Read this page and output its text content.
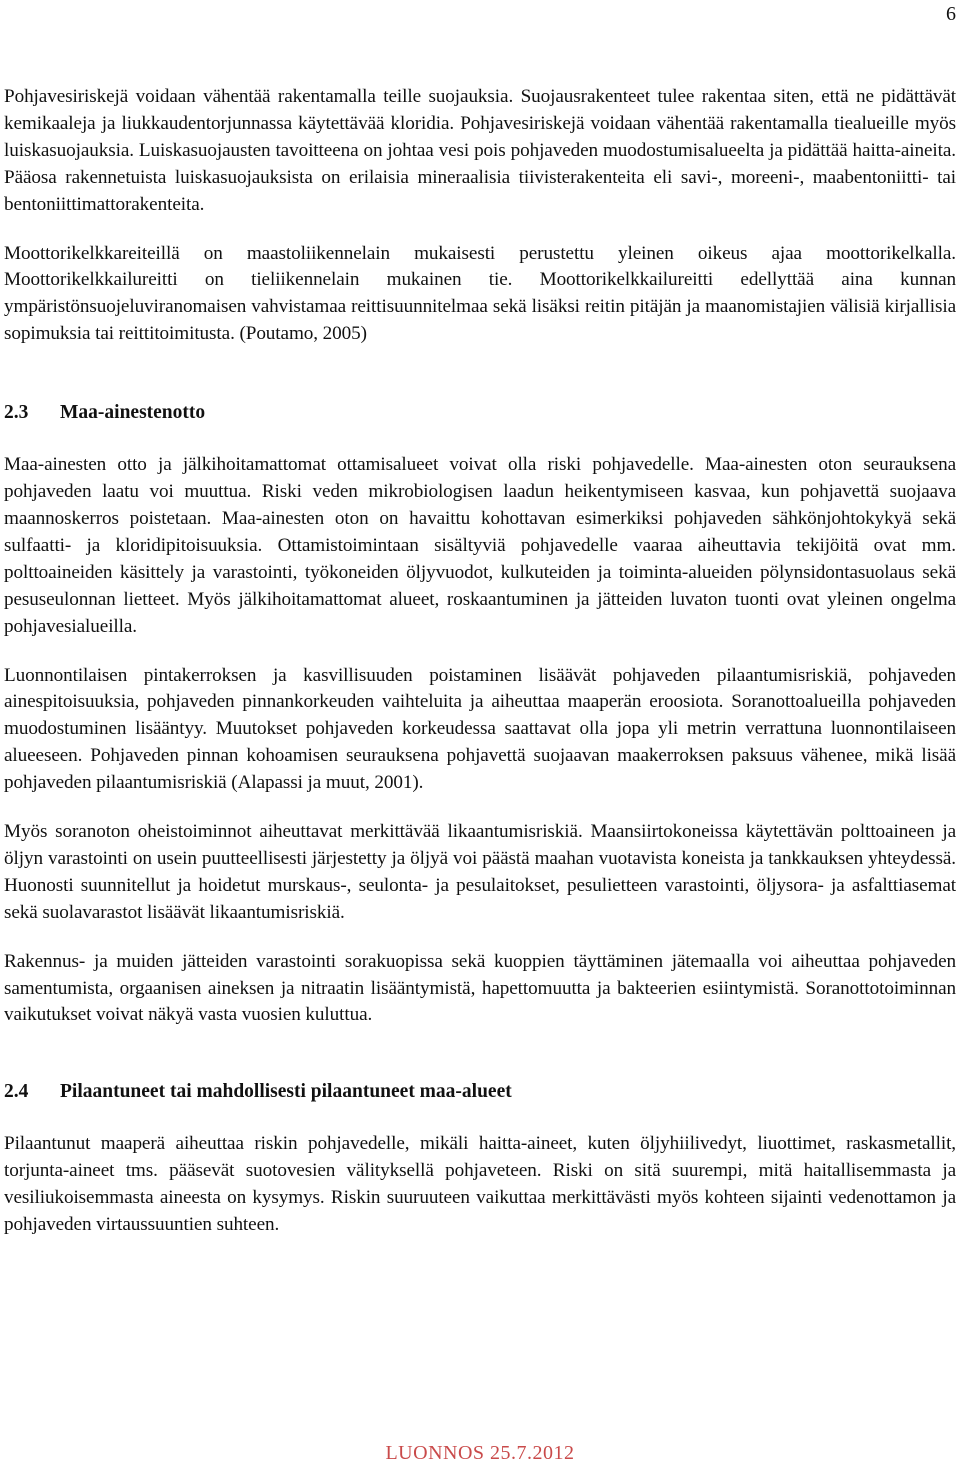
6

Pohjavesiriskejä voidaan vähentää rakentamalla teille suojauksia. Suojausrakenteet tulee rakentaa siten, että ne pidättävät kemikaaleja ja liukkaudentorjunnassa käytettävää kloridia. Pohjavesiriskejä voidaan vähentää rakentamalla tiealueille myös luiskasuojauksia. Luiskasuojausten tavoitteena on johtaa vesi pois pohjaveden muodostumisalueelta ja pidättää haitta-aineita. Pääosa rakennetuista luiskasuojauksista on erilaisia mineraalisia tiivisterakenteita eli savi-, moreeni-, maabentoniitti- tai bentoniittimattorakenteita.

Moottorikelkkareiteillä on maastoliikennelain mukaisesti perustettu yleinen oikeus ajaa moottorikelkalla. Moottorikelkkailureitti on tieliikennelain mukainen tie. Moottorikelkkailureitti edellyttää aina kunnan ympäristönsuojeluviranomaisen vahvistamaa reittisuunnitelmaa sekä lisäksi reitin pitäjän ja maanomistajien välisiä kirjallisia sopimuksia tai reittitoimitusta. (Poutamo, 2005)

2.3 Maa-ainestenotto

Maa-ainesten otto ja jälkihoitamattomat ottamisalueet voivat olla riski pohjavedelle. Maa-ainesten oton seurauksena pohjaveden laatu voi muuttua. Riski veden mikrobiologisen laadun heikentymiseen kasvaa, kun pohjavettä suojaava maannoskerros poistetaan. Maa-ainesten oton on havaittu kohottavan esimerkiksi pohjaveden sähkönjohtokykyä sekä sulfaatti- ja kloridipitoisuuksia. Ottamistoimintaan sisältyviä pohjavedelle vaaraa aiheuttavia tekijöitä ovat mm. polttoaineiden käsittely ja varastointi, työkoneiden öljyvuodot, kulkuteiden ja toiminta-alueiden pölynsidontasuolaus sekä pesuseulonnan lietteet. Myös jälkihoitamattomat alueet, roskaantuminen ja jätteiden luvaton tuonti ovat yleinen ongelma pohjavesialueilla.

Luonnontilaisen pintakerroksen ja kasvillisuuden poistaminen lisäävät pohjaveden pilaantumisriskiä, pohjaveden ainespitoisuuksia, pohjaveden pinnankorkeuden vaihteluita ja aiheuttaa maaperän eroosiota. Soranottoalueilla pohjaveden muodostuminen lisääntyy. Muutokset pohjaveden korkeudessa saattavat olla jopa yli metrin verrattuna luonnontilaiseen alueeseen. Pohjaveden pinnan kohoamisen seurauksena pohjavettä suojaavan maakerroksen paksuus vähenee, mikä lisää pohjaveden pilaantumisriskiä (Alapassi ja muut, 2001).

Myös soranoton oheistoiminnot aiheuttavat merkittävää likaantumisriskiä. Maansiirtokoneissa käytettävän polttoaineen ja öljyn varastointi on usein puutteellisesti järjestetty ja öljyä voi päästä maahan vuotavista koneista ja tankkauksen yhteydessä. Huonosti suunnitellut ja hoidetut murskaus-, seulonta- ja pesulaitokset, pesulietteen varastointi, öljysora- ja asfalttiasemat sekä suolavarastot lisäävät likaantumisriskiä.

Rakennus- ja muiden jätteiden varastointi sorakuopissa sekä kuoppien täyttäminen jätemaalla voi aiheuttaa pohjaveden samentumista, orgaanisen aineksen ja nitraatin lisääntymistä, hapettomuutta ja bakteerien esiintymistä. Soranottotoiminnan vaikutukset voivat näkyä vasta vuosien kuluttua.

2.4 Pilaantuneet tai mahdollisesti pilaantuneet maa-alueet

Pilaantunut maaperä aiheuttaa riskin pohjavedelle, mikäli haitta-aineet, kuten öljyhiilivedyt, liuottimet, raskasmetallit, torjunta-aineet tms. pääsevät suotovesien välityksellä pohjaveteen. Riski on sitä suurempi, mitä haitallisemmasta ja vesiliukoisemmasta aineesta on kysymys. Riskin suuruuteen vaikuttaa merkittävästi myös kohteen sijainti vedenottamon ja pohjaveden virtaussuuntien suhteen.

LUONNOS 25.7.2012
